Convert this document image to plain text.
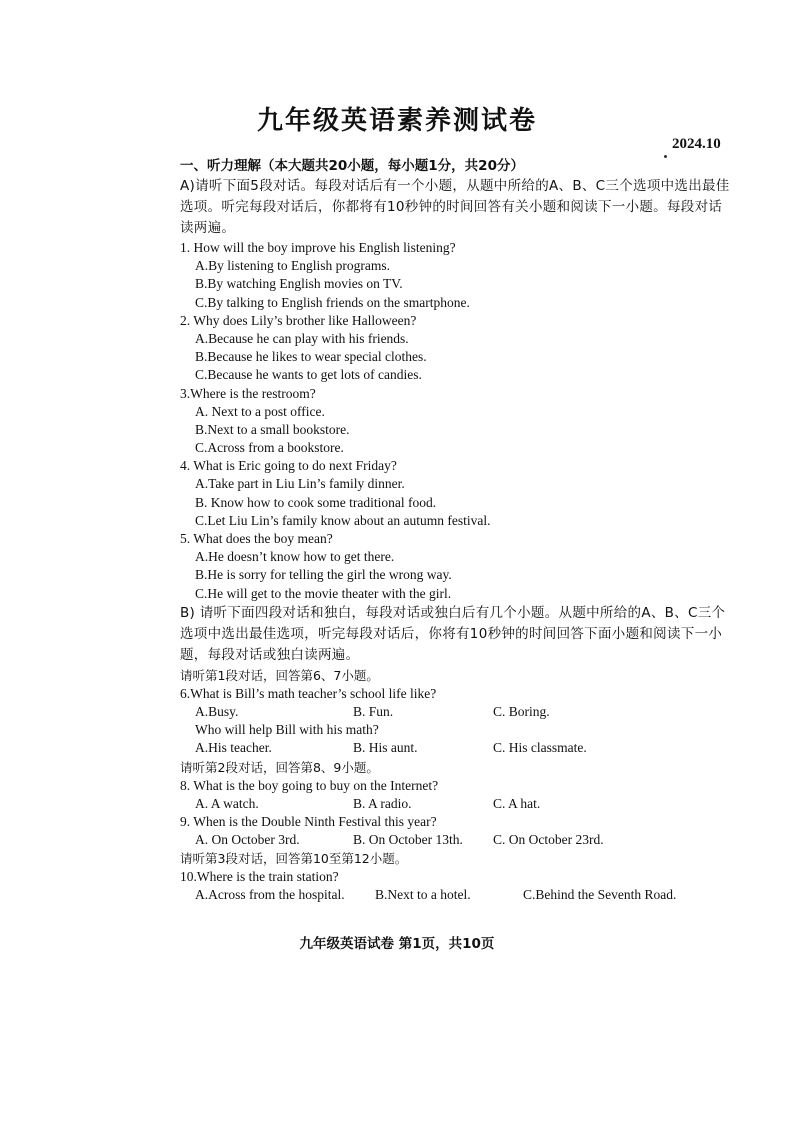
九年级英语素养测试卷
2024.10
一、听力理解（本大题共20小题，每小题1分，共20分）
A)请听下面5段对话。每段对话后有一个小题，从题中所给的A、B、C三个选项中选出最佳选项。听完每段对话后，你都将有10秒钟的时间回答有关小题和阅读下一小题。每段对话读两遍。
1. How will the boy improve his English listening?
A.By listening to English programs.
B.By watching English movies on TV.
C.By talking to English friends on the smartphone.
2. Why does Lily’s brother like Halloween?
A.Because he can play with his friends.
B.Because he likes to wear special clothes.
C.Because he wants to get lots of candies.
3.Where is the restroom?
A. Next to a post office.
B.Next to a small bookstore.
C.Across from a bookstore.
4. What is Eric going to do next Friday?
A.Take part in Liu Lin’s family dinner.
B. Know how to cook some traditional food.
C.Let Liu Lin’s family know about an autumn festival.
5. What does the boy mean?
A.He doesn’t know how to get there.
B.He is sorry for telling the girl the wrong way.
C.He will get to the movie theater with the girl.
B) 请听下面四段对话和独白，每段对话或独白后有几个小题。从题中所给的A、B、C三个选项中选出最佳选项，听完每段对话后，你将有10秒钟的时间回答下面小题和阅读下一小题，每段对话或独白读两遍。
请听第1段对话，回答第6、7小题。
6.What is Bill’s math teacher’s school life like?
A.Busy.	B. Fun.	C. Boring.
Who will help Bill with his math?
A.His teacher.	B. His aunt.	C. His classmate.
请听第2段对话，回答第8、9小题。
8. What is the boy going to buy on the Internet?
A. A watch.	B. A radio.	C. A hat.
9. When is the Double Ninth Festival this year?
A. On October 3rd.	B. On October 13th.	C. On October 23rd.
请听第3段对话，回答第10至第12小题。
10.Where is the train station?
A.Across from the hospital.	B.Next to a hotel.	C.Behind the Seventh Road.
九年级英语试卷 第1页，共10页
